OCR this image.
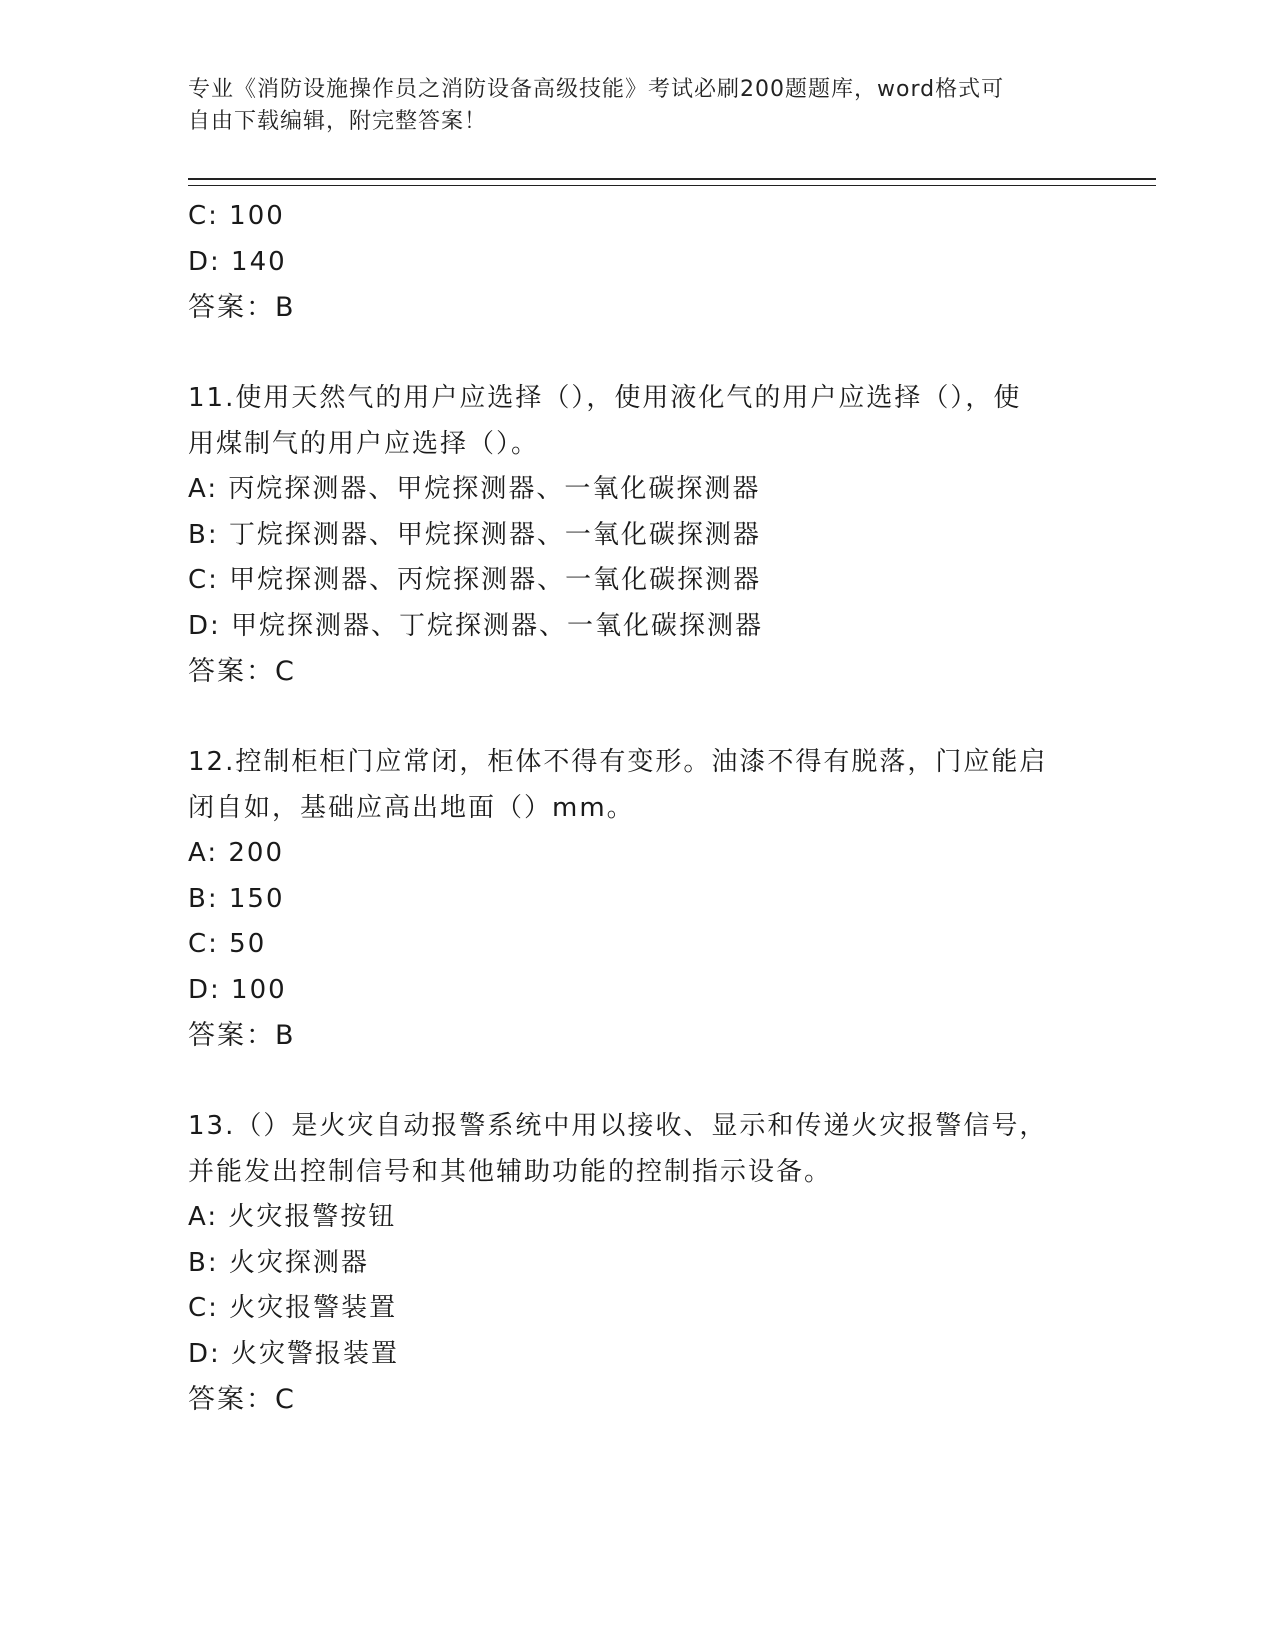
专业《消防设施操作员之消防设备高级技能》考试必刷200题题库，word格式可
自由下载编辑，附完整答案！
C: 100
D: 140
答案：B
11.使用天然气的用户应选择（），使用液化气的用户应选择（），使
用煤制气的用户应选择（）。
A: 丙烷探测器、甲烷探测器、一氧化碳探测器
B: 丁烷探测器、甲烷探测器、一氧化碳探测器
C: 甲烷探测器、丙烷探测器、一氧化碳探测器
D: 甲烷探测器、丁烷探测器、一氧化碳探测器
答案：C
12.控制柜柜门应常闭，柜体不得有变形。油漆不得有脱落，门应能启
闭自如，基础应高出地面（）mm。
A: 200
B: 150
C: 50
D: 100
答案：B
13.（）是火灾自动报警系统中用以接收、显示和传递火灾报警信号，
并能发出控制信号和其他辅助功能的控制指示设备。
A: 火灾报警按钮
B: 火灾探测器
C: 火灾报警装置
D: 火灾警报装置
答案：C
